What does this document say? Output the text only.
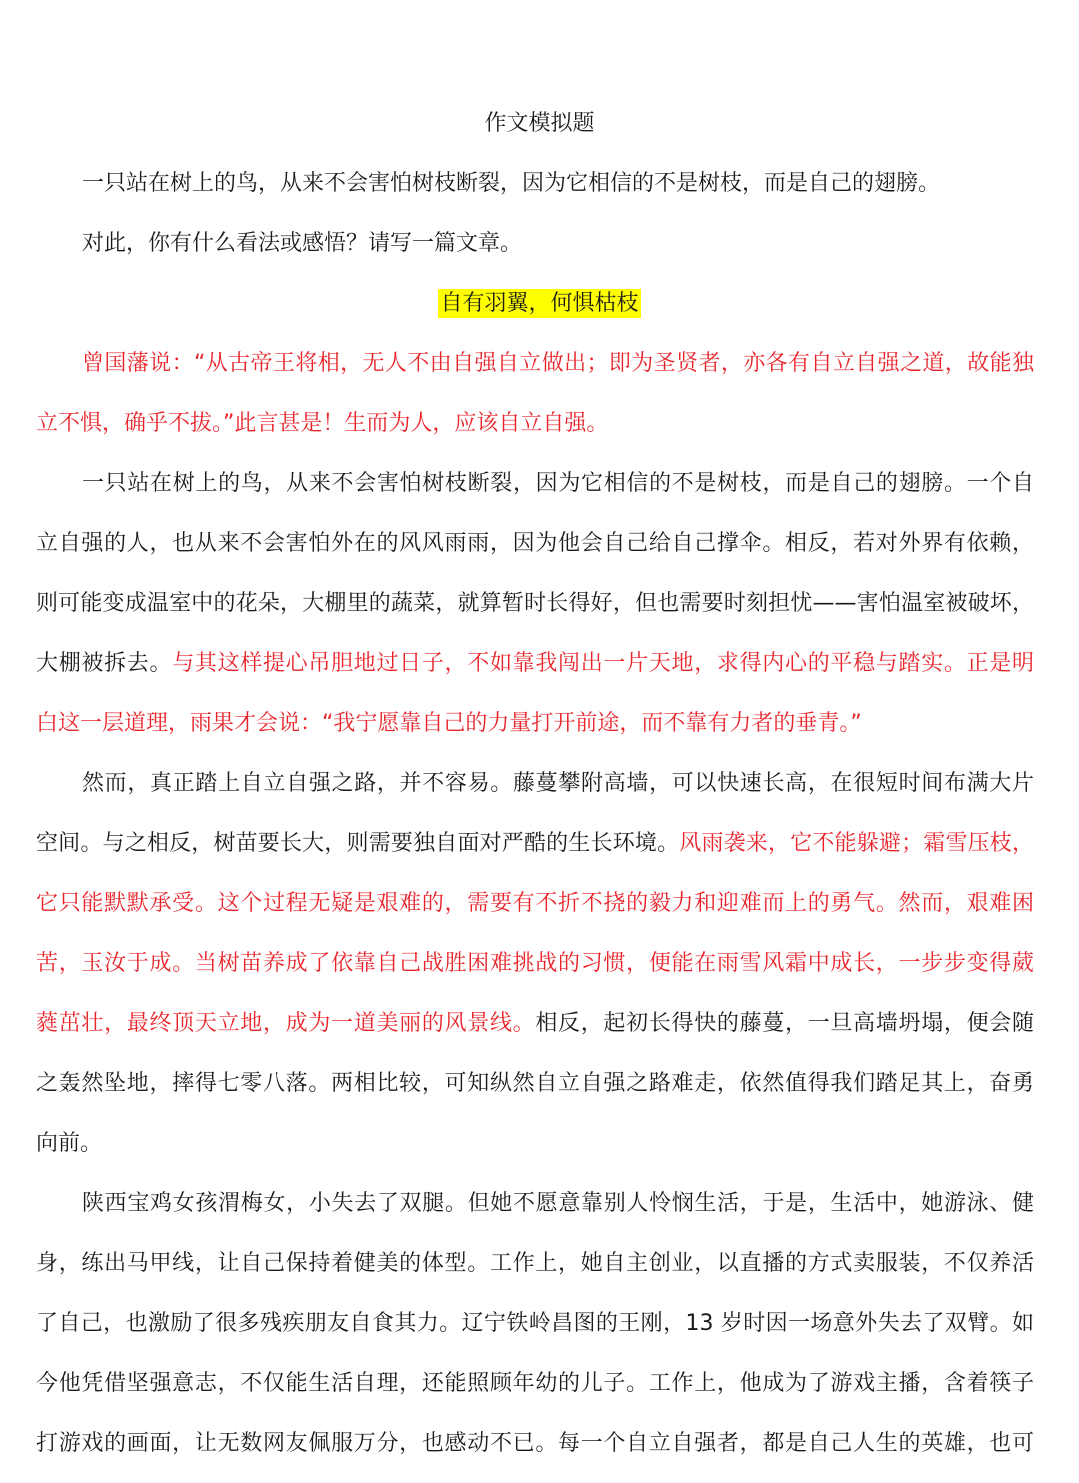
作文模拟题
一只站在树上的鸟，从来不会害怕树枝断裂，因为它相信的不是树枝，而是自己的翅膀。
对此，你有什么看法或感悟？请写一篇文章。
自有羽翼，何惧枯枝
曾国藩说：“从古帝王将相，无人不由自强自立做出；即为圣贤者，亦各有自立自强之道，故能独
立不惧，确乎不拔。”此言甚是！生而为人，应该自立自强。
一只站在树上的鸟，从来不会害怕树枝断裂，因为它相信的不是树枝，而是自己的翅膀。一个自
立自强的人，也从来不会害怕外在的风风雨雨，因为他会自己给自己撑伞。相反，若对外界有依赖，
则可能变成温室中的花朵，大棚里的蔬菜，就算暂时长得好，但也需要时刻担忧——害怕温室被破坏，
大棚被拆去。与其这样提心吊胆地过日子，不如靠我闯出一片天地，求得内心的平稳与踏实。正是明
白这一层道理，雨果才会说：“我宁愿靠自己的力量打开前途，而不靠有力者的垂青。”
然而，真正踏上自立自强之路，并不容易。藤蔓攀附高墙，可以快速长高，在很短时间布满大片
空间。与之相反，树苗要长大，则需要独自面对严酷的生长环境。风雨袭来，它不能躲避；霜雪压枝，
它只能默默承受。这个过程无疑是艰难的，需要有不折不挠的毅力和迎难而上的勇气。然而，艰难困
苦，玉汝于成。当树苗养成了依靠自己战胜困难挑战的习惯，便能在雨雪风霜中成长，一步步变得葳
蕤茁壮，最终顶天立地，成为一道美丽的风景线。相反，起初长得快的藤蔓，一旦高墙坍塌，便会随
之轰然坠地，摔得七零八落。两相比较，可知纵然自立自强之路难走，依然值得我们踏足其上，奋勇
向前。
陕西宝鸡女孩渭梅女，小失去了双腿。但她不愿意靠别人怜悯生活，于是，生活中，她游泳、健
身，练出马甲线，让自己保持着健美的体型。工作上，她自主创业，以直播的方式卖服装，不仅养活
了自己，也激励了很多残疾朋友自食其力。辽宁铁岭昌图的王刚，13 岁时因一场意外失去了双臂。如
今他凭借坚强意志，不仅能生活自理，还能照顾年幼的儿子。工作上，他成为了游戏主播，含着筷子
打游戏的画面，让无数网友佩服万分，也感动不已。每一个自立自强者，都是自己人生的英雄，也可
